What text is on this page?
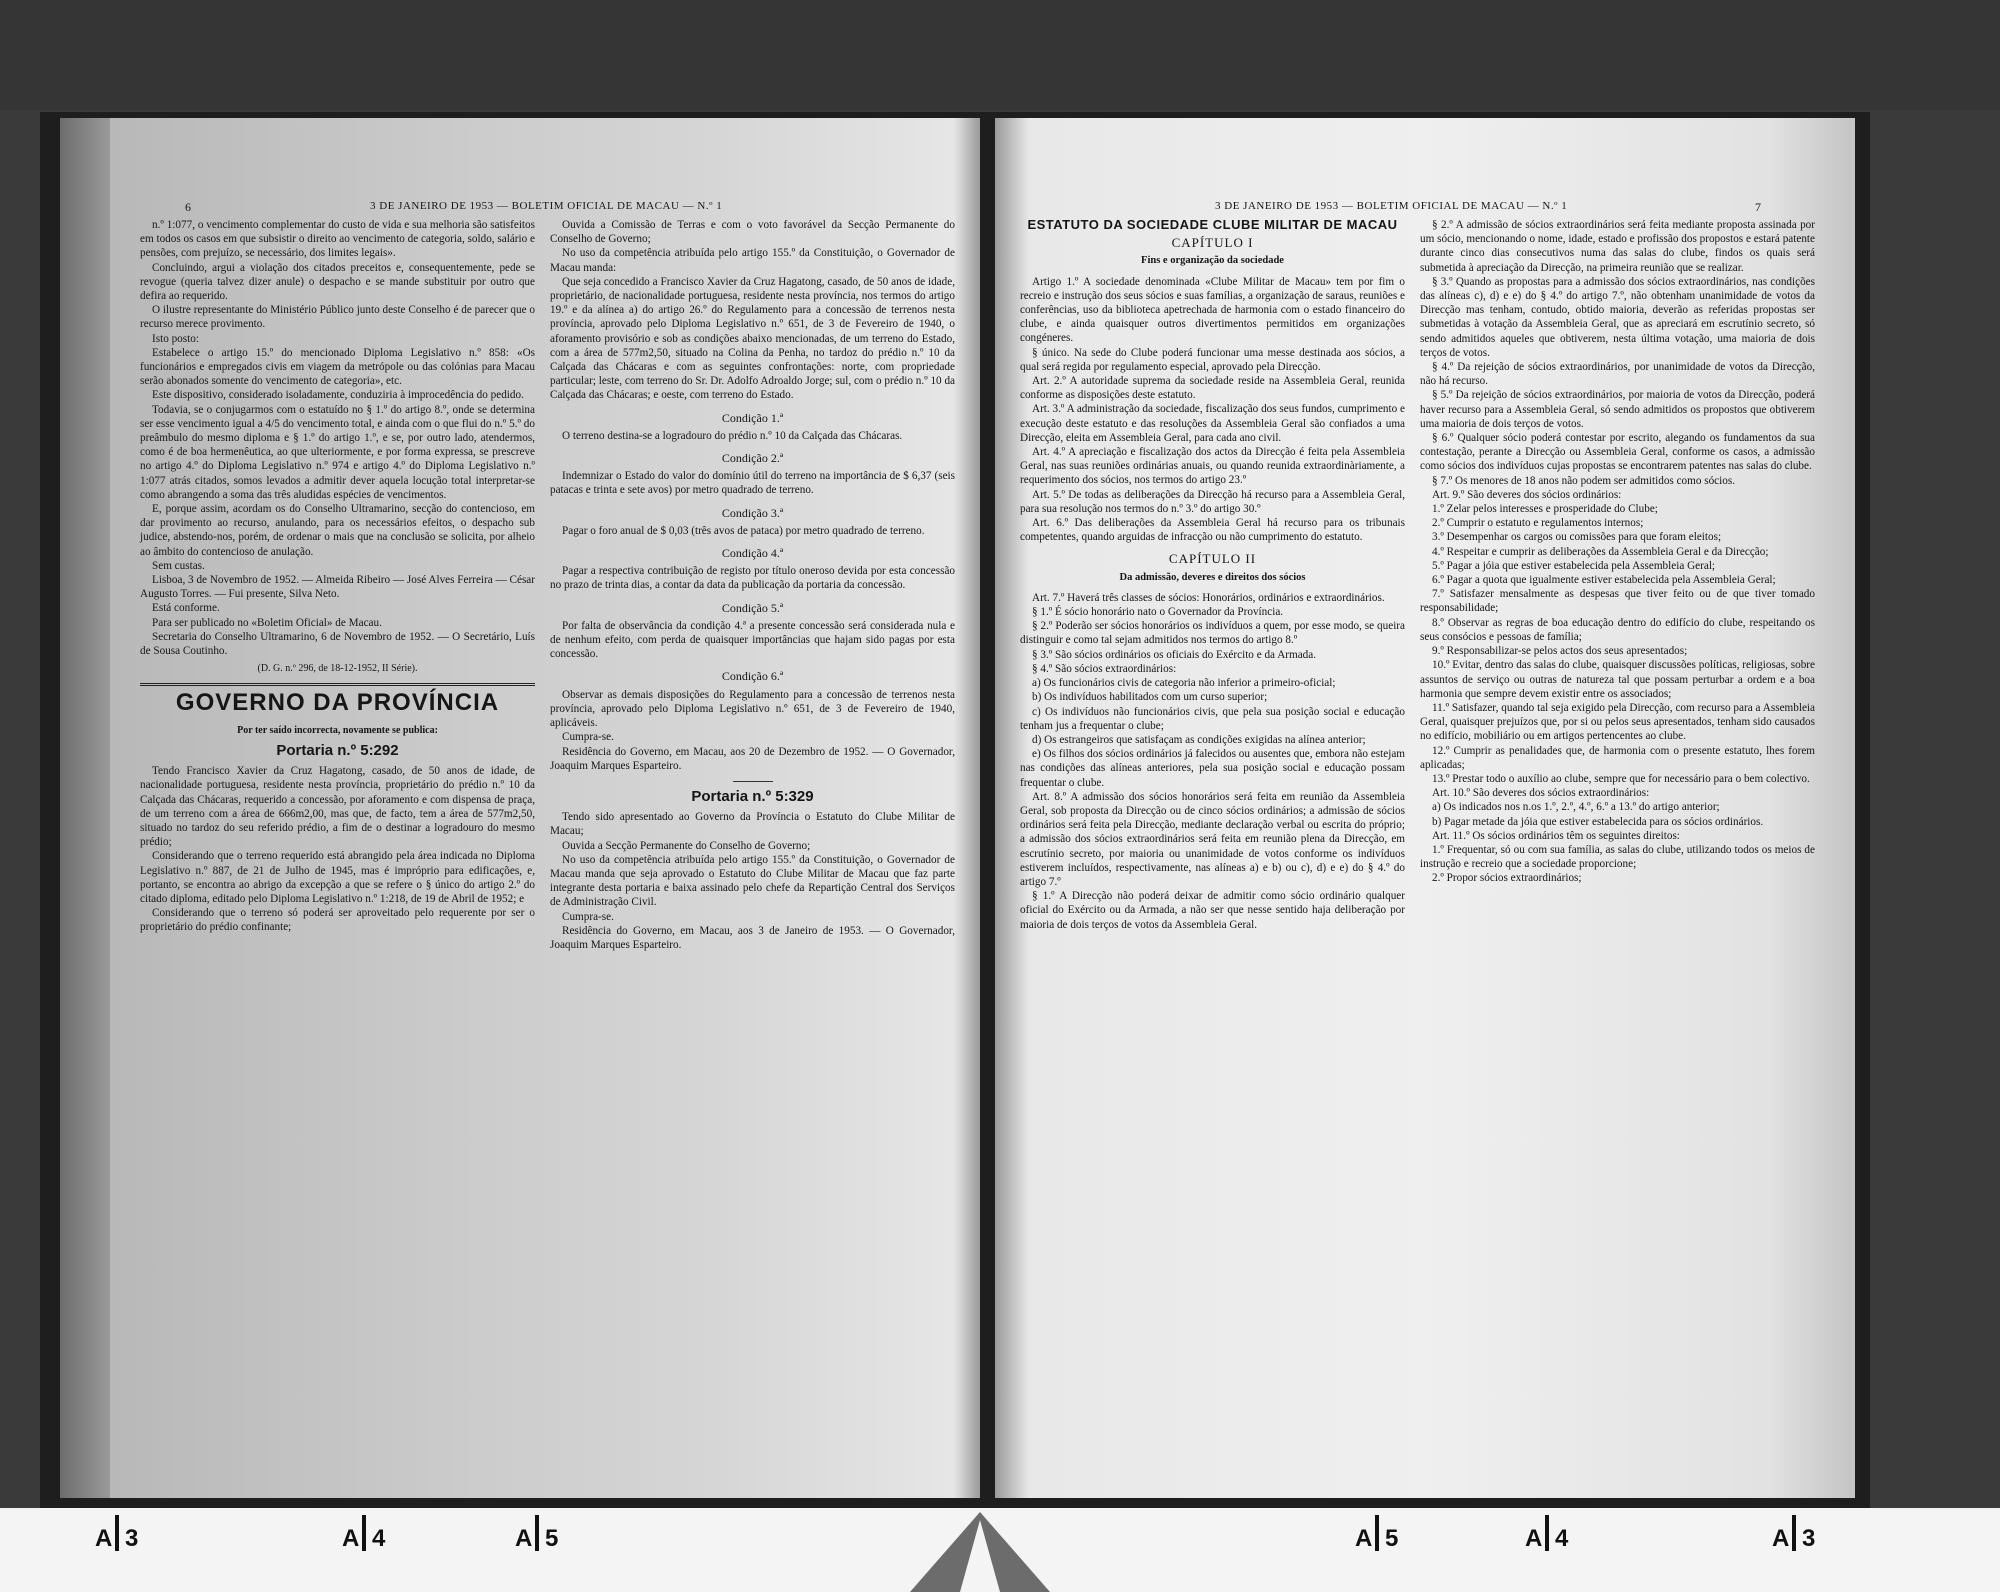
6	3 DE JANEIRO DE 1953 — BOLETIM OFICIAL DE MACAU — N.º 1

n.º 1:077, o vencimento complementar do custo de vida e sua melhoria são satisfeitos em todos os casos em que subsistir o direito ao vencimento de categoria, soldo, salário e pensões, com prejuízo, se necessário, dos limites legais».

Concluindo, argui a violação dos citados preceitos e, consequentemente, pede se revogue (queria talvez dizer anule) o despacho e se mande substituir por outro que defira ao requerido.

O ilustre representante do Ministério Público junto deste Conselho é de parecer que o recurso merece provimento.

Isto posto:

Estabelece o artigo 15.º do mencionado Diploma Legislativo n.º 858: «Os funcionários e empregados civis em viagem da metrópole ou das colónias para Macau serão abonados somente do vencimento de categoria», etc.

Este dispositivo, considerado isoladamente, conduziria à improcedência do pedido.

Todavia, se o conjugarmos com o estatuído no § 1.º do artigo 8.º, onde se determina ser esse vencimento igual a 4/5 do vencimento total, e ainda com o que flui do n.º 5.º do preâmbulo do mesmo diploma e § 1.º do artigo 1.º, e se, por outro lado, atendermos, como é de boa hermenêutica, ao que ulteriormente, e por forma expressa, se prescreve no artigo 4.º do Diploma Legislativo n.º 974 e artigo 4.º do Diploma Legislativo n.º 1:077 atrás citados, somos levados a admitir dever aquela locução total interpretar-se como abrangendo a soma das três aludidas espécies de vencimentos.

E, porque assim, acordam os do Conselho Ultramarino, secção do contencioso, em dar provimento ao recurso, anulando, para os necessários efeitos, o despacho sub judice, abstendo-nos, porém, de ordenar o mais que na conclusão se solicita, por alheio ao âmbito do contencioso de anulação.

Sem custas.

Lisboa, 3 de Novembro de 1952. — Almeida Ribeiro — José Alves Ferreira — César Augusto Torres. — Fui presente, Silva Neto.

Está conforme.

Para ser publicado no «Boletim Oficial» de Macau.

Secretaria do Conselho Ultramarino, 6 de Novembro de 1952. — O Secretário, Luís de Sousa Coutinho.

(D. G. n.º 296, de 18-12-1952, II Série).

GOVERNO DA PROVÍNCIA
Por ter saído incorrecta, novamente se publica:
Portaria n.º 5:292

Tendo Francisco Xavier da Cruz Hagatong, casado, de 50 anos de idade, de nacionalidade portuguesa, residente nesta província, proprietário do prédio n.º 10 da Calçada das Chácaras, requerido a concessão, por aforamento e com dispensa de praça, de um terreno com a área de 666m2,00, mas que, de facto, tem a área de 577m2,50, situado no tardoz do seu referido prédio, a fim de o destinar a logradouro do mesmo prédio;

Considerando que o terreno requerido está abrangido pela área indicada no Diploma Legislativo n.º 887, de 21 de Julho de 1945, mas é impróprio para edificações, e, portanto, se encontra ao abrigo da excepção a que se refere o § único do artigo 2.º do citado diploma, editado pelo Diploma Legislativo n.º 1:218, de 19 de Abril de 1952; e

Considerando que o terreno só poderá ser aproveitado pelo requerente por ser o proprietário do prédio confinante;

Ouvida a Comissão de Terras e com o voto favorável da Secção Permanente do Conselho de Governo;

No uso da competência atribuída pelo artigo 155.º da Constituição, o Governador de Macau manda:

Que seja concedido a Francisco Xavier da Cruz Hagatong, casado, de 50 anos de idade, proprietário, de nacionalidade portuguesa, residente nesta província, nos termos do artigo 19.º e da alínea a) do artigo 26.º do Regulamento para a concessão de terrenos nesta província, aprovado pelo Diploma Legislativo n.º 651, de 3 de Fevereiro de 1940, o aforamento provisório e sob as condições abaixo mencionadas, de um terreno do Estado, com a área de 577m2,50, situado na Colina da Penha, no tardoz do prédio n.º 10 da Calçada das Chácaras e com as seguintes confrontações: norte, com propriedade particular; leste, com terreno do Sr. Dr. Adolfo Adroaldo Jorge; sul, com o prédio n.º 10 da Calçada das Chácaras; e oeste, com terreno do Estado.

Condição 1.ª

O terreno destina-se a logradouro do prédio n.º 10 da Calçada das Chácaras.

Condição 2.ª

Indemnizar o Estado do valor do domínio útil do terreno na importância de $ 6,37 (seis patacas e trinta e sete avos) por metro quadrado de terreno.

Condição 3.ª

Pagar o foro anual de $ 0,03 (três avos de pataca) por metro quadrado de terreno.

Condição 4.ª

Pagar a respectiva contribuição de registo por título oneroso devida por esta concessão no prazo de trinta dias, a contar da data da publicação da portaria da concessão.

Condição 5.ª

Por falta de observância da condição 4.ª a presente concessão será considerada nula e de nenhum efeito, com perda de quaisquer importâncias que hajam sido pagas por esta concessão.

Condição 6.ª

Observar as demais disposições do Regulamento para a concessão de terrenos nesta província, aprovado pelo Diploma Legislativo n.º 651, de 3 de Fevereiro de 1940, aplicáveis.

Cumpra-se.

Residência do Governo, em Macau, aos 20 de Dezembro de 1952. — O Governador, Joaquim Marques Esparteiro.

Portaria n.º 5:329

Tendo sido apresentado ao Governo da Província o Estatuto do Clube Militar de Macau;

Ouvida a Secção Permanente do Conselho de Governo;

No uso da competência atribuída pelo artigo 155.º da Constituição, o Governador de Macau manda que seja aprovado o Estatuto do Clube Militar de Macau que faz parte integrante desta portaria e baixa assinado pelo chefe da Repartição Central dos Serviços de Administração Civil.

Cumpra-se.

Residência do Governo, em Macau, aos 3 de Janeiro de 1953. — O Governador, Joaquim Marques Esparteiro.

3 DE JANEIRO DE 1953 — BOLETIM OFICIAL DE MACAU — N.º 1	7
ESTATUTO DA SOCIEDADE CLUBE MILITAR DE MACAU
CAPÍTULO I
Fins e organização da sociedade

Artigo 1.º A sociedade denominada «Clube Militar de Macau» tem por fim o recreio e instrução dos seus sócios e suas famílias, a organização de saraus, reuniões e conferências, uso da biblioteca apetrechada de harmonia com o estado financeiro do clube, e ainda quaisquer outros divertimentos permitidos em organizações congéneres.

§ único. Na sede do Clube poderá funcionar uma messe destinada aos sócios, a qual será regida por regulamento especial, aprovado pela Direcção.

Art. 2.º A autoridade suprema da sociedade reside na Assembleia Geral, reunida conforme as disposições deste estatuto.

Art. 3.º A administração da sociedade, fiscalização dos seus fundos, cumprimento e execução deste estatuto e das resoluções da Assembleia Geral são confiados a uma Direcção, eleita em Assembleia Geral, para cada ano civil.

Art. 4.º A apreciação e fiscalização dos actos da Direcção é feita pela Assembleia Geral, nas suas reuniões ordinárias anuais, ou quando reunida extraordinàriamente, a requerimento dos sócios, nos termos do artigo 23.º

Art. 5.º De todas as deliberações da Direcção há recurso para a Assembleia Geral, para sua resolução nos termos do n.º 3.º do artigo 30.º

Art. 6.º Das deliberações da Assembleia Geral há recurso para os tribunais competentes, quando arguidas de infracção ou não cumprimento do estatuto.

CAPÍTULO II
Da admissão, deveres e direitos dos sócios

Art. 7.º Haverá três classes de sócios: Honorários, ordinários e extraordinários.

§ 1.º É sócio honorário nato o Governador da Província.

§ 2.º Poderão ser sócios honorários os indivíduos a quem, por esse modo, se queira distinguir e como tal sejam admitidos nos termos do artigo 8.º

§ 3.º São sócios ordinários os oficiais do Exército e da Armada.

§ 4.º São sócios extraordinários:

a) Os funcionários civis de categoria não inferior a primeiro-oficial;

b) Os indivíduos habilitados com um curso superior;

c) Os indivíduos não funcionários civis, que pela sua posição social e educação tenham jus a frequentar o clube;

d) Os estrangeiros que satisfaçam as condições exigidas na alínea anterior;

e) Os filhos dos sócios ordinários já falecidos ou ausentes que, embora não estejam nas condições das alíneas anteriores, pela sua posição social e educação possam frequentar o clube.

Art. 8.º A admissão dos sócios honorários será feita em reunião da Assembleia Geral, sob proposta da Direcção ou de cinco sócios ordinários; a admissão de sócios ordinários será feita pela Direcção, mediante declaração verbal ou escrita do próprio; a admissão dos sócios extraordinários será feita em reunião plena da Direcção, em escrutínio secreto, por maioria ou unanimidade de votos conforme os indivíduos estiverem incluídos, respectivamente, nas alíneas a) e b) ou c), d) e e) do § 4.º do artigo 7.º

§ 1.º A Direcção não poderá deixar de admitir como sócio ordinário qualquer oficial do Exército ou da Armada, a não ser que nesse sentido haja deliberação por maioria de dois terços de votos da Assembleia Geral.

§ 2.º A admissão de sócios extraordinários será feita mediante proposta assinada por um sócio, mencionando o nome, idade, estado e profissão dos propostos e estará patente durante cinco dias consecutivos numa das salas do clube, findos os quais será submetida à apreciação da Direcção, na primeira reunião que se realizar.

§ 3.º Quando as propostas para a admissão dos sócios extraordinários, nas condições das alíneas c), d) e e) do § 4.º do artigo 7.º, não obtenham unanimidade de votos da Direcção mas tenham, contudo, obtido maioria, deverão as referidas propostas ser submetidas à votação da Assembleia Geral, que as apreciará em escrutínio secreto, só sendo admitidos aqueles que obtiverem, nesta última votação, uma maioria de dois terços de votos.

§ 4.º Da rejeição de sócios extraordinários, por unanimidade de votos da Direcção, não há recurso.

§ 5.º Da rejeição de sócios extraordinários, por maioria de votos da Direcção, poderá haver recurso para a Assembleia Geral, só sendo admitidos os propostos que obtiverem uma maioria de dois terços de votos.

§ 6.º Qualquer sócio poderá contestar por escrito, alegando os fundamentos da sua contestação, perante a Direcção ou Assembleia Geral, conforme os casos, a admissão como sócios dos indivíduos cujas propostas se encontrarem patentes nas salas do clube.

§ 7.º Os menores de 18 anos não podem ser admitidos como sócios.

Art. 9.º São deveres dos sócios ordinários:

1.º Zelar pelos interesses e prosperidade do Clube;

2.º Cumprir o estatuto e regulamentos internos;

3.º Desempenhar os cargos ou comissões para que foram eleitos;

4.º Respeitar e cumprir as deliberações da Assembleia Geral e da Direcção;

5.º Pagar a jóia que estiver estabelecida pela Assembleia Geral;

6.º Pagar a quota que igualmente estiver estabelecida pela Assembleia Geral;

7.º Satisfazer mensalmente as despesas que tiver feito ou de que tiver tomado responsabilidade;

8.º Observar as regras de boa educação dentro do edifício do clube, respeitando os seus consócios e pessoas de família;

9.º Responsabilizar-se pelos actos dos seus apresentados;

10.º Evitar, dentro das salas do clube, quaisquer discussões políticas, religiosas, sobre assuntos de serviço ou outras de natureza tal que possam perturbar a ordem e a boa harmonia que sempre devem existir entre os associados;

11.º Satisfazer, quando tal seja exigido pela Direcção, com recurso para a Assembleia Geral, quaisquer prejuízos que, por si ou pelos seus apresentados, tenham sido causados no edifício, mobiliário ou em artigos pertencentes ao clube.

12.º Cumprir as penalidades que, de harmonia com o presente estatuto, lhes forem aplicadas;

13.º Prestar todo o auxílio ao clube, sempre que for necessário para o bem colectivo.

Art. 10.º São deveres dos sócios extraordinários:

a) Os indicados nos n.os 1.º, 2.º, 4.º, 6.º a 13.º do artigo anterior;

b) Pagar metade da jóia que estiver estabelecida para os sócios ordinários.

Art. 11.º Os sócios ordinários têm os seguintes direitos:

1.º Frequentar, só ou com sua família, as salas do clube, utilizando todos os meios de instrução e recreio que a sociedade proporcione;

2.º Propor sócios extraordinários;

A 3	A 4	A 5	A 5	A 4	A 3
